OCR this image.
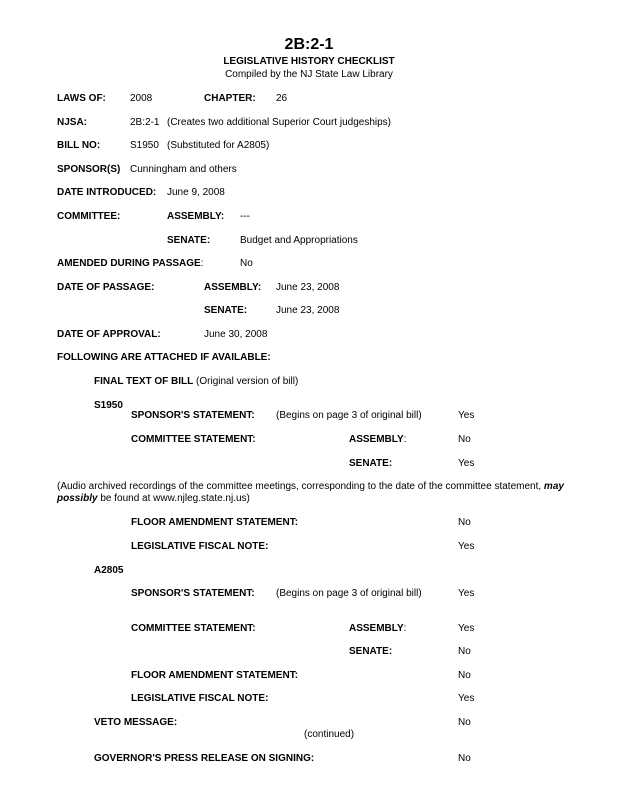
2B:2-1
LEGISLATIVE HISTORY CHECKLIST
Compiled by the NJ State Law Library
LAWS OF: 2008	CHAPTER: 26
NJSA:	2B:2-1 (Creates two additional Superior Court judgeships)
BILL NO:	S1950 (Substituted for A2805)
SPONSOR(S) Cunningham and others
DATE INTRODUCED: June 9, 2008
COMMITTEE:	ASSEMBLY: ---
SENATE:	Budget and Appropriations
AMENDED DURING PASSAGE:	No
DATE OF PASSAGE:	ASSEMBLY: June 23, 2008
SENATE:	June 23, 2008
DATE OF APPROVAL:	June 30, 2008
FOLLOWING ARE ATTACHED IF AVAILABLE:
FINAL TEXT OF BILL (Original version of bill)
S1950
SPONSOR'S STATEMENT: (Begins on page 3 of original bill)	Yes
COMMITTEE STATEMENT:	ASSEMBLY:	No
SENATE:	Yes
(Audio archived recordings of the committee meetings, corresponding to the date of the committee statement, may possibly be found at www.njleg.state.nj.us)
FLOOR AMENDMENT STATEMENT:	No
LEGISLATIVE FISCAL NOTE:	Yes
A2805
SPONSOR'S STATEMENT: (Begins on page 3 of original bill)	Yes
COMMITTEE STATEMENT:	ASSEMBLY:	Yes
SENATE:	No
FLOOR AMENDMENT STATEMENT:	No
LEGISLATIVE FISCAL NOTE:	Yes
VETO MESSAGE:	No
(continued)
GOVERNOR'S PRESS RELEASE ON SIGNING:	No
